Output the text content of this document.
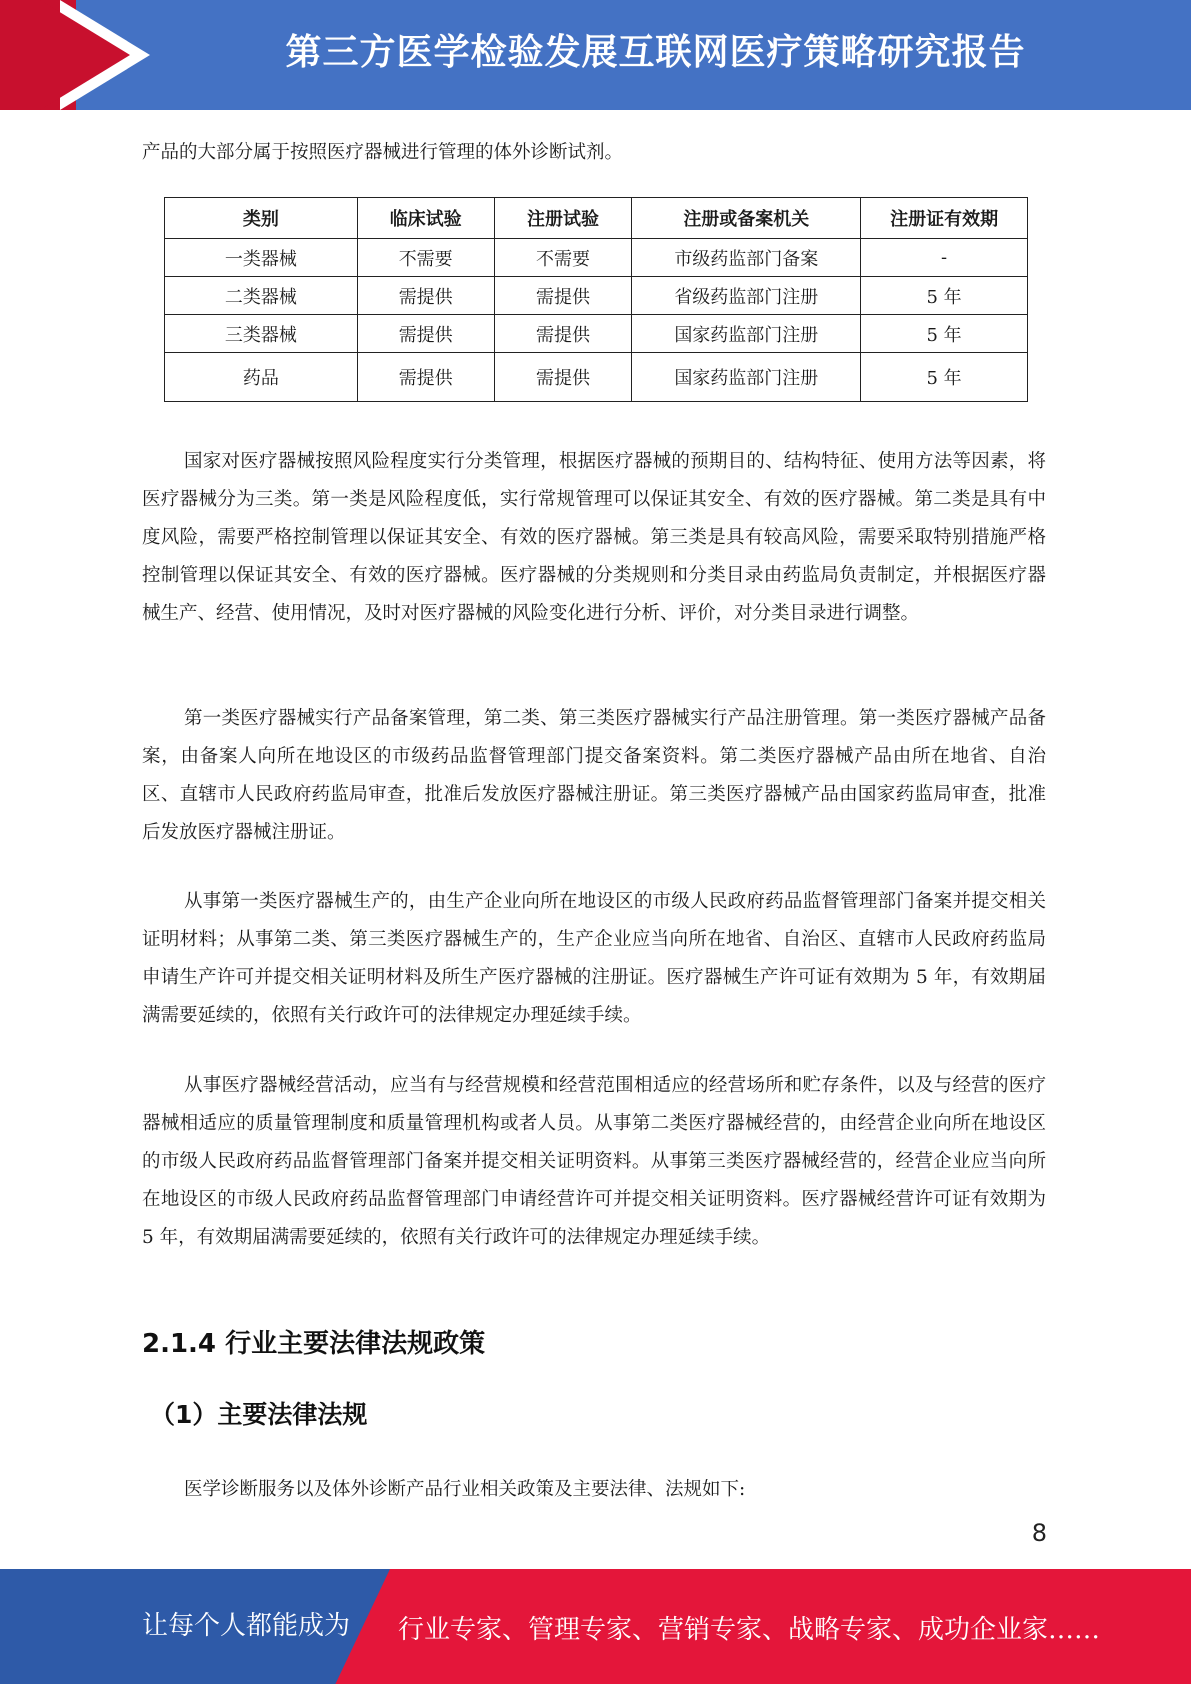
第三方医学检验发展互联网医疗策略研究报告

产品的大部分属于按照医疗器械进行管理的体外诊断试剂。

类别	临床试验	注册试验	注册或备案机关	注册证有效期
一类器械	不需要	不需要	市级药监部门备案	-
二类器械	需提供	需提供	省级药监部门注册	5 年
三类器械	需提供	需提供	国家药监部门注册	5 年
药品	需提供	需提供	国家药监部门注册	5 年

国家对医疗器械按照风险程度实行分类管理，根据医疗器械的预期目的、结构特征、使用方法等因素，将医疗器械分为三类。第一类是风险程度低，实行常规管理可以保证其安全、有效的医疗器械。第二类是具有中度风险，需要严格控制管理以保证其安全、有效的医疗器械。第三类是具有较高风险，需要采取特别措施严格控制管理以保证其安全、有效的医疗器械。医疗器械的分类规则和分类目录由药监局负责制定，并根据医疗器械生产、经营、使用情况，及时对医疗器械的风险变化进行分析、评价，对分类目录进行调整。

第一类医疗器械实行产品备案管理，第二类、第三类医疗器械实行产品注册管理。第一类医疗器械产品备案，由备案人向所在地设区的市级药品监督管理部门提交备案资料。第二类医疗器械产品由所在地省、自治区、直辖市人民政府药监局审查，批准后发放医疗器械注册证。第三类医疗器械产品由国家药监局审查，批准后发放医疗器械注册证。

从事第一类医疗器械生产的，由生产企业向所在地设区的市级人民政府药品监督管理部门备案并提交相关证明材料；从事第二类、第三类医疗器械生产的，生产企业应当向所在地省、自治区、直辖市人民政府药监局申请生产许可并提交相关证明材料及所生产医疗器械的注册证。医疗器械生产许可证有效期为 5 年，有效期届满需要延续的，依照有关行政许可的法律规定办理延续手续。

从事医疗器械经营活动，应当有与经营规模和经营范围相适应的经营场所和贮存条件，以及与经营的医疗器械相适应的质量管理制度和质量管理机构或者人员。从事第二类医疗器械经营的，由经营企业向所在地设区的市级人民政府药品监督管理部门备案并提交相关证明资料。从事第三类医疗器械经营的，经营企业应当向所在地设区的市级人民政府药品监督管理部门申请经营许可并提交相关证明资料。医疗器械经营许可证有效期为 5 年，有效期届满需要延续的，依照有关行政许可的法律规定办理延续手续。

2.1.4 行业主要法律法规政策
（1）主要法律法规

医学诊断服务以及体外诊断产品行业相关政策及主要法律、法规如下:

8
让每个人都能成为 行业专家、管理专家、营销专家、战略专家、成功企业家……
